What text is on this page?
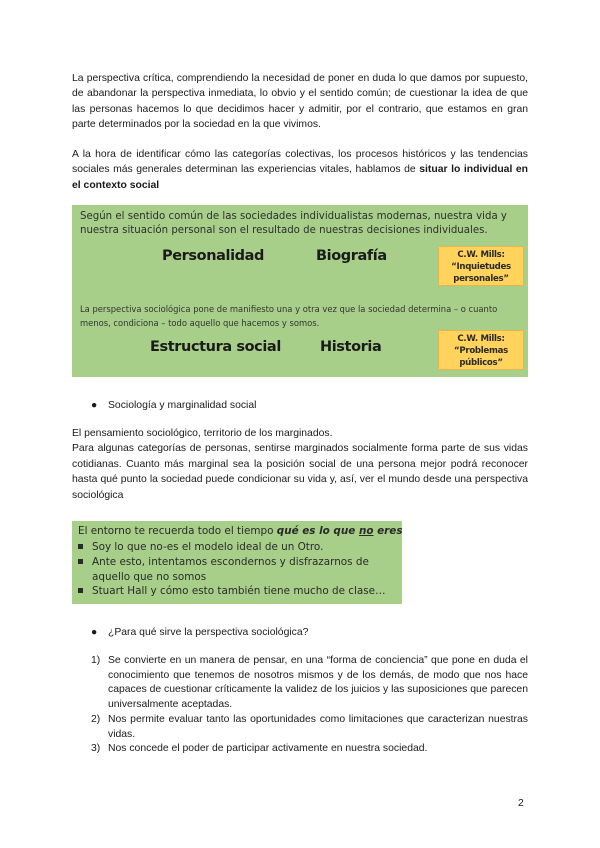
La perspectiva crítica, comprendiendo la necesidad de poner en duda lo que damos por supuesto, de abandonar la perspectiva inmediata, lo obvio y el sentido común; de cuestionar la idea de que las personas hacemos lo que decidimos hacer y admitir, por el contrario, que estamos en gran parte determinados por la sociedad en la que vivimos.

A la hora de identificar cómo las categorías colectivas, los procesos históricos y las tendencias sociales más generales determinan las experiencias vitales, hablamos de situar lo individual en el contexto social

Según el sentido común de las sociedades individualistas modernas, nuestra vida y nuestra situación personal son el resultado de nuestras decisiones individuales.
Personalidad	Biografía	C.W. Mills:
“Inquietudes
personales”
La perspectiva sociológica pone de manifiesto una y otra vez que la sociedad determina – o cuanto menos, condiciona – todo aquello que hacemos y somos.
Estructura social	Historia	C.W. Mills:
“Problemas
públicos”
● Sociología y marginalidad social

El pensamiento sociológico, territorio de los marginados.
Para algunas categorías de personas, sentirse marginados socialmente forma parte de sus vidas cotidianas. Cuanto más marginal sea la posición social de una persona mejor podrá reconocer hasta qué punto la sociedad puede condicionar su vida y, así, ver el mundo desde una perspectiva sociológica

El entorno te recuerda todo el tiempo qué es lo que no eres
Soy lo que no-es el modelo ideal de un Otro.
Ante esto, intentamos escondernos y disfrazarnos de aquello que no somos
Stuart Hall y cómo esto también tiene mucho de clase…
● ¿Para qué sirve la perspectiva sociológica?
1) Se convierte en un manera de pensar, en una “forma de conciencia” que pone en duda el conocimiento que tenemos de nosotros mismos y de los demás, de modo que nos hace capaces de cuestionar críticamente la validez de los juicios y las suposiciones que parecen universalmente aceptadas.
2) Nos permite evaluar tanto las oportunidades como limitaciones que caracterizan nuestras vidas.
3) Nos concede el poder de participar activamente en nuestra sociedad.
2
